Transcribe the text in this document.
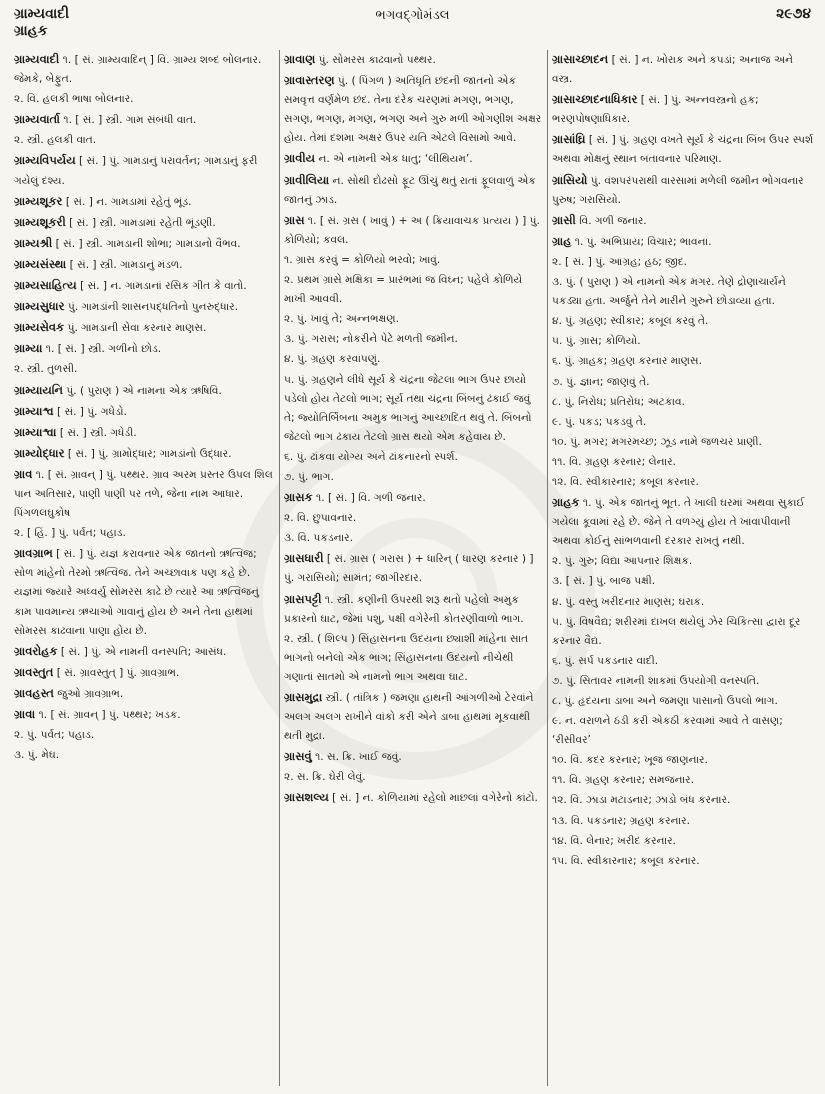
ગ્રામ્યવાદી
ગ્રાહક
ભગવદ્ગોમંડલ	૨૯૭૪

ગ્રામ્યવાદી ૧. [ સં. ગ્રામ્યવાદિન્ ] વિ. ગ્રામ્ય શબ્દ બોલનાર. જેમકે, બેફુત.

૨. વિ. હલકી ભાષા બોલનાર.

ગ્રામ્યવાર્તા ૧. [ સં. ] સ્ત્રી. ગામ સંબંધી વાત.

૨. સ્ત્રી. હલકી વાત.

ગ્રામ્યવિપર્યય [ સં. ] પું. ગામડાનું પરાવર્તન; ગામડાનું ફરી ગયેલું દશ્ય.

ગ્રામ્યશૂકર [ સં. ] ન. ગામડામાં રહેતું ભૂંડ.

ગ્રામ્યશૂકરી [ સં. ] સ્ત્રી. ગામડામાં રહેતી ભૂંડણી.

ગ્રામ્યશ્રી [ સં. ] સ્ત્રી. ગામડાની શોભા; ગામડાનો વૈભવ.

ગ્રામ્યસંસ્થા [ સં. ] સ્ત્રી. ગામડાનું મંડળ.

ગ્રામ્યસાહિત્ય [ સં. ] ન. ગામડાનાં રસિક ગીત કે વાતો.

ગ્રામ્યસુધાર પું. ગામડાંની શાસનપદ્ધતિનો પુનરુદ્ધાર.

ગ્રામ્યસેવક પું. ગામડાની સેવા કરનાર માણસ.

ગ્રામ્યા ૧. [ સં. ] સ્ત્રી. ગળીનો છોડ.

૨. સ્ત્રી. તુળસી.

ગ્રામ્યાયનિ પું. ( પુરાણ ) એ નામના એક ઋષિવિ.

ગ્રામ્યાશ્વ [ સં. ] પું. ગધેડો.

ગ્રામ્યાશ્વા [ સં. ] સ્ત્રી. ગધેડી.

ગ્રામ્યોદ્ધાર [ સં. ] પું. ગ્રામોદ્ધાર; ગામડાંનો ઉદ્ધાર.

ગ્રાવ ૧. [ સં. ગ્રાવન્ ] પું. પથ્થર. ગ્રાવ અરમ પ્રસ્તર ઉપલ શિલ પાન અતિસાર, પાણી પાણી પર તળે, જેના નામ આધાર. પિંગળલઘુકોષ

૨. [ હિં. ] પું. પર્વત; પહાડ.

ગ્રાવગ્રાભ [ સં. ] પું. યજ્ઞ કરાવનાર એક જાતનો ઋત્વિજ; સોળ માંહેનો તેરમો ઋત્વિજ. તેને અચ્છાવાક પણ કહે છે. યજ્ઞમાં જ્યારે અધ્વર્યુ સોમરસ કાઢે છે ત્યારે આ ઋત્વિજનું કામ પાવમાન્ય ઋચાઓ ગાવાનું હોય છે અને તેના હાથમાં સોમરસ કાઢવાના પાણા હોય છે.

ગ્રાવરોહક [ સં. ] પું. એ નામની વનસ્પતિ; આસંધ.

ગ્રાવસ્તુત [ સં. ગ્રાવસ્તુત્ ] પું. ગ્રાવગ્રાભ.

ગ્રાવહસ્ત જુઓ ગ્રાવગ્રાભ.

ગ્રાવા ૧. [ સં. ગ્રાવન્ ] પું. પથ્થર; ખડક.

૨. પું. પર્વત; પહાડ.

૩. પું. મેઘ.

ગ્રાવાણ પું. સોમરસ કાઢવાનો પથ્થર.

ગ્રાવાસ્તરણ પું. ( પિંગળ ) અતિધૃતિ છંદની જાતનો એક સમવૃત્ત વર્ણમેળ છંદ. તેના દરેક ચરણમાં મગણ, ભગણ, સગણ, ભગણ, મગણ, ભગણ અને ગુરુ મળી ઓગણીશ અક્ષર હોય. તેમાં દશમા અક્ષર ઉપર યતિ એટલે વિસામો આવે.

ગ્રાવીય ન. એ નામની એક ધાતુ; ‘લીથિયમ’.

ગ્રાવીલિયા ન. સોથી દોઢસો ફૂટ ઊંચું થતું રાતાં ફૂલવાળું એક જાતનું ઝાડ.

ગ્રાસ ૧. [ સં. ગ્રસ ( ખાવું ) + અ ( ક્રિયાવાચક પ્રત્યય ) ] પું. કોળિયો; કવલ.

૧. ગ્રાસ કરવું = કોળિયો ભરવો; ખાવું.

૨. પ્રથમ ગ્રાસે મક્ષિકા = પ્રારંભમાં જ વિઘ્ન; પહેલે કોળિયે માખી આવવી.

૨. પું. ખાવું તે; અન્નભક્ષણ.

૩. પું. ગરાસ; નોકરીને પેટે મળતી જમીન.

૪. પું. ગ્રહણ કરવાપણું.

૫. પું. ગ્રહણને લીધે સૂર્ય કે ચંદ્રના જેટલા ભાગ ઉપર છાયો પડેલો હોય તેટલો ભાગ; સૂર્ય તથા ચંદ્રના બિંબનું ઢંકાઈ જવું તે; જ્યોતિર્બિંબના અમુક ભાગનું આચ્છાદિત થવું તે. બિંબનો જેટલો ભાગ ઢંકાય તેટલો ગ્રાસ થયો એમ કહેવાય છે.

૬. પું. ઢાંકવા યોગ્ય અને ઢાંકનારનો સ્પર્શ.

૭. પું. ભાગ.

ગ્રાસક ૧. [ સં. ] વિ. ગળી જનાર.

૨. વિ. છુપાવનાર.

૩. વિ. પકડનાર.

ગ્રાસધારી [ સં. ગ્રાસ ( ગરાસ ) + ધારિન્ ( ધારણ કરનાર ) ] પું. ગરાસિયો; સામંત; જાગીરદાર.

ગ્રાસપટ્ટી ૧. સ્ત્રી. કણીની ઉપરથી શરૂ થતો પહેલો અમુક પ્રકારનો ઘાટ, જેમાં પશુ, પક્ષી વગેરેની કોતરણીવાળો ભાગ.

૨. સ્ત્રી. ( શિલ્પ ) સિંહાસનના ઉદયના છ્યાશી માંહેના સાત ભાગનો બનેલો એક ભાગ; સિંહાસનના ઉદયનો નીચેથી ગણાતાં સાતમો એ નામનો ભાગ અથવા ઘાટ.

ગ્રાસમુદ્રા સ્ત્રી. ( તાંત્રિક ) જમણા હાથની આંગળીઓ ટેરવાંને અલગ અલગ રાખીને વાંકો કરી એને ડાબા હાથમાં મૂકવાથી થતી મુદ્રા.

ગ્રાસવું ૧. સ. ક્રિ. ખાઈ જવું.

૨. સ. ક્રિ. ઘેરી લેવું.

ગ્રાસશલ્ય [ સં. ] ન. કોળિયામાં રહેલો માછલાં વગેરેનો કાંટો.

ગ્રાસાચ્છાદન [ સં. ] ન. ખોરાક અને કપડાં; અનાજ અને વસ્ત્ર.

ગ્રાસાચ્છાદનાધિકાર [ સં. ] પું. અન્નવસ્ત્રનો હક; ભરણપોષણાધિકાર.

ગ્રાસાંઘ્રિ [ સં. ] પું. ગ્રહણ વખતે સૂર્ય કે ચંદ્રના બિંબ ઉપર સ્પર્શ અથવા મોક્ષનું સ્થાન બતાવનાર પરિમાણ.

ગ્રાસિયો પું. વંશપરંપરાથી વારસામાં મળેલી જમીન ભોગવનાર પુરુષ; ગરાસિયો.

ગ્રાસી વિ. ગળી જનાર.

ગ્રાહ ૧. પું. અભિપ્રાય; વિચાર; ભાવના.

૨. [ સં. ] પું. આગ્રહ; હઠ; જીદ.

૩. પું. ( પુરાણ ) એ નામનો એક મગર. તેણે દ્રોણાચાર્યને પકડ્યા હતા. અર્જુને તેને મારીને ગુરુને છોડાવ્યા હતા.

૪. પું. ગ્રહણ; સ્વીકાર; કબૂલ કરવું તે.

૫. પું. ગ્રાસ; કોળિયો.

૬. પું. ગ્રાહક; ગ્રહણ કરનાર માણસ.

૭. પું. જ્ઞાન; જાણવું તે.

૮. પું. નિરોધ; પ્રતિરોધ; અટકાવ.

૯. પું. પકડ; પકડવું તે.

૧૦. પું. મગર; મગરમચ્છ; ઝૂડ નામે જળચર પ્રાણી.

૧૧. વિ. ગ્રહણ કરનાર; લેનાર.

૧૨. વિ. સ્વીકારનાર; કબૂલ કરનાર.

ગ્રાહક ૧. પું. એક જાતનું ભૂત. તે ખાલી ઘરમાં અથવા સુકાઈ ગયેલા કૂવામાં રહે છે. જેને તે વળગ્યું હોય તે ખાવાપીવાની અથવા કોઈનું સાંભળવાની દરકાર રાખતું નથી.

૨. પું. ગુરુ; વિદ્યા આપનાર શિક્ષક.

૩. [ સં. ] પું. બાજ પક્ષી.

૪. પું. વસ્તુ ખરીદનાર માણસ; ઘરાક.

૫. પું. વિષવૈદ્ય; શરીરમાં દાખલ થયેલું ઝેર ચિકિત્સા દ્વારા દૂર કરનાર વૈદ્ય.

૬. પું. સર્પ પકડનાર વાદી.

૭. પું. સિતાવર નામની શાકમાં ઉપયોગી વનસ્પતિ.

૮. પું. હૃદયના ડાબા અને જમણા પાસાનો ઉપલો ભાગ.

૯. ન. વરાળને ઠંડી કરી એકઠી કરવામાં આવે તે વાસણ; ‘રીસીવર’

૧૦. વિ. કદર કરનાર; ખૂજ જાણનાર.

૧૧. વિ. ગ્રહણ કરનાર; સમજનાર.

૧૨. વિ. ઝાડા મટાડનાર; ઝાડો બંધ કરનાર.

૧૩. વિ. પકડનાર; ગ્રહણ કરનાર.

૧૪. વિ. લેનાર; ખરીદ કરનાર.

૧૫. વિ. સ્વીકારનાર; કબૂલ કરનાર.
